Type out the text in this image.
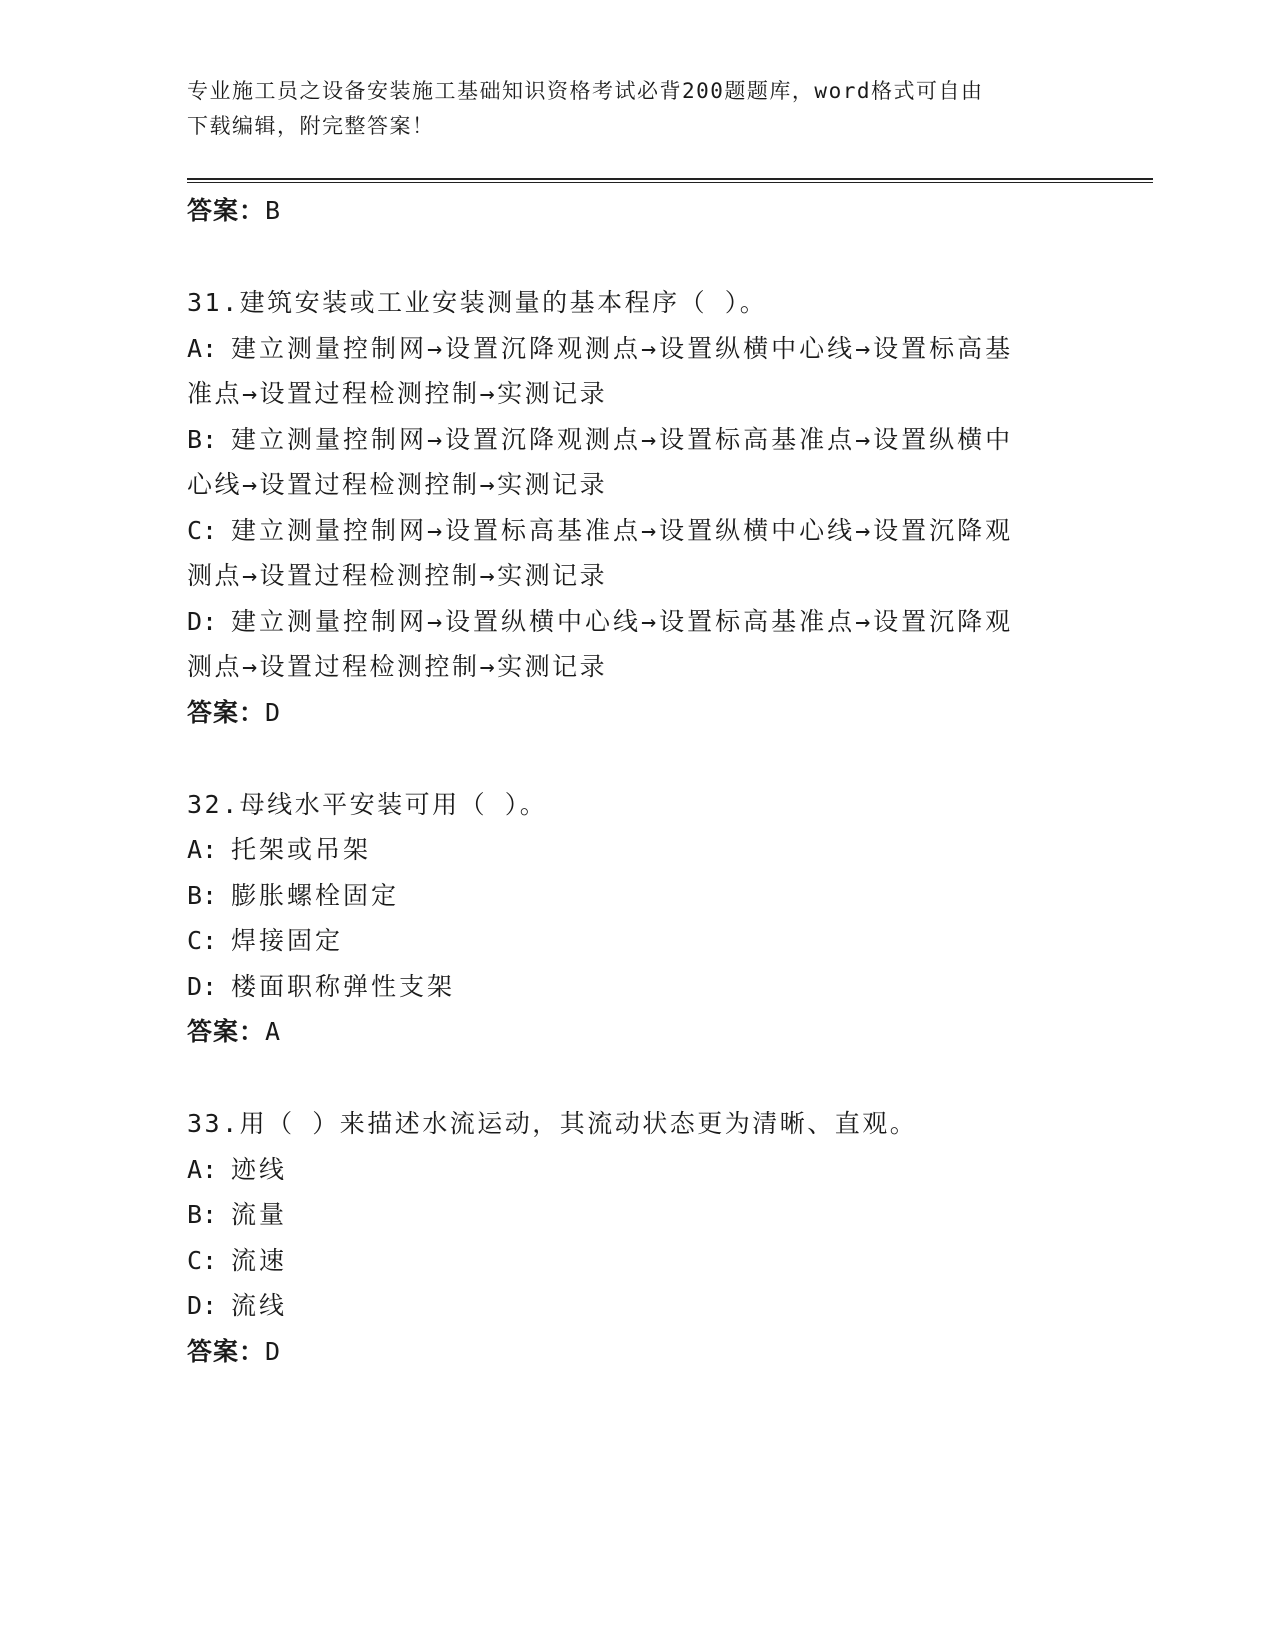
专业施工员之设备安装施工基础知识资格考试必背200题题库，word格式可自由
下载编辑，附完整答案！
答案：B
31.建筑安装或工业安装测量的基本程序（ ）。
A: 建立测量控制网→设置沉降观测点→设置纵横中心线→设置标高基
准点→设置过程检测控制→实测记录
B: 建立测量控制网→设置沉降观测点→设置标高基准点→设置纵横中
心线→设置过程检测控制→实测记录
C: 建立测量控制网→设置标高基准点→设置纵横中心线→设置沉降观
测点→设置过程检测控制→实测记录
D: 建立测量控制网→设置纵横中心线→设置标高基准点→设置沉降观
测点→设置过程检测控制→实测记录
答案：D
32.母线水平安装可用（ ）。
A: 托架或吊架
B: 膨胀螺栓固定
C: 焊接固定
D: 楼面职称弹性支架
答案：A
33.用（ ）来描述水流运动，其流动状态更为清晰、直观。
A: 迹线
B: 流量
C: 流速
D: 流线
答案：D
